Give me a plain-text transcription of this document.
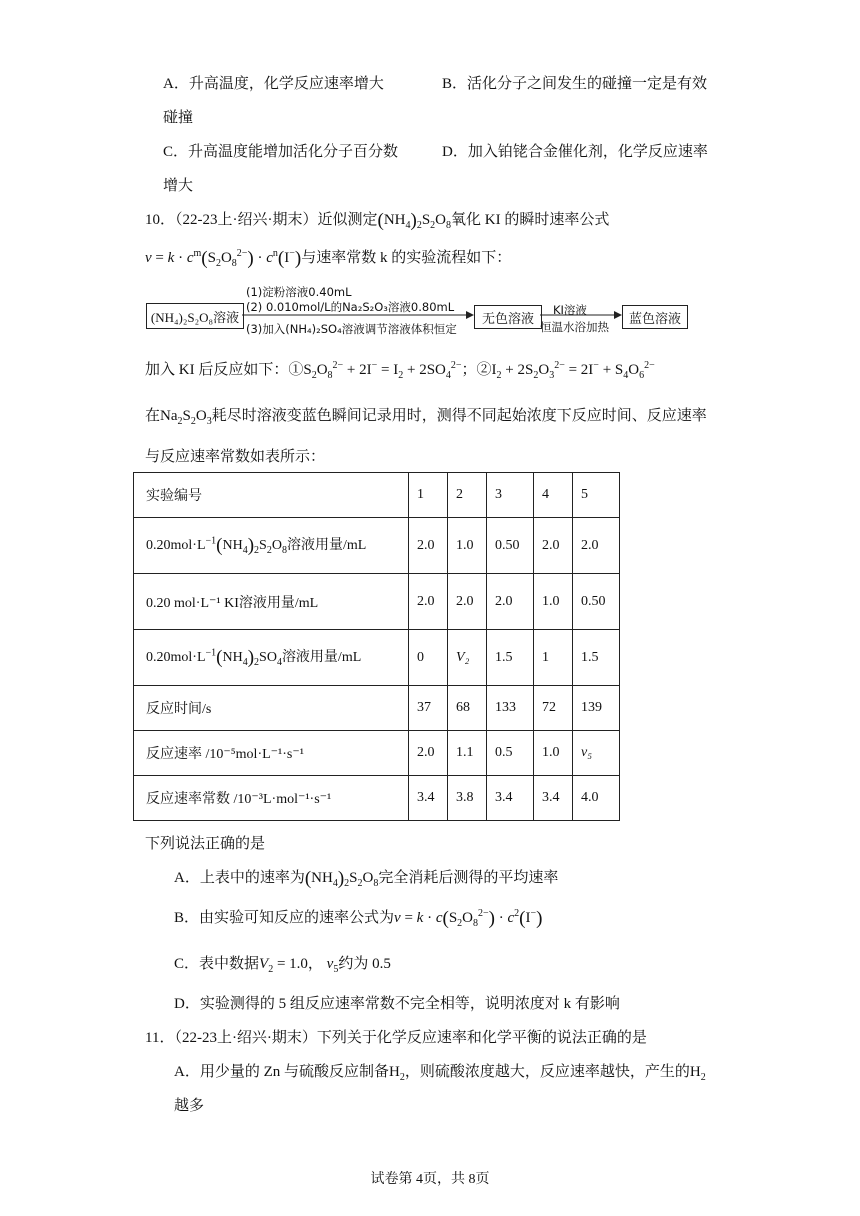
A．升高温度，化学反应速率增大	B．活化分子之间发生的碰撞一定是有效
碰撞
C．升高温度能增加活化分子百分数	D．加入铂铑合金催化剂，化学反应速率
增大
10．（22-23上·绍兴·期末）近似测定$(NH_4)_2S_2O_8$氧化 KI 的瞬时速率公式
$v = k \cdot c^m(S_2O_8^{2-}) \cdot c^n(I^-)$与速率常数 k 的实验流程如下：
(NH₄)₂S₂O₈溶液
(1)淀粉溶液0.40mL
(2) 0.010mol/L的Na₂S₂O₃溶液0.80mL
(3)加入(NH₄)₂SO₄溶液调节溶液体积恒定
无色溶液
KI溶液
恒温水浴加热
蓝色溶液
加入 KI 后反应如下：$①S_2O_8^{2-} + 2I^- = I_2 + 2SO_4^{2-}$；$②I_2 + 2S_2O_3^{2-} = 2I^- + S_4O_6^{2-}$
在$Na_2S_2O_3$耗尽时溶液变蓝色瞬间记录用时，测得不同起始浓度下反应时间、反应速率
与反应速率常数如表所示：
实验编号	1	2	3	4	5
$0.20mol\cdot L^{-1}(NH_4)_2S_2O_8$溶液用量/mL	2.0	1.0	0.50	2.0	2.0
0.20 mol·L⁻¹ KI溶液用量/mL	2.0	2.0	2.0	1.0	0.50
$0.20mol\cdot L^{-1}(NH_4)_2SO_4$溶液用量/mL	0	V₂	1.5	1	1.5
反应时间/s	37	68	133	72	139
反应速率 /10⁻⁵mol·L⁻¹·s⁻¹	2.0	1.1	0.5	1.0	v₅
反应速率常数 /10⁻³L·mol⁻¹·s⁻¹	3.4	3.8	3.4	3.4	4.0
下列说法正确的是
A．上表中的速率为$(NH_4)_2S_2O_8$完全消耗后测得的平均速率
B．由实验可知反应的速率公式为$v = k \cdot c(S_2O_8^{2-}) \cdot c^2(I^-)$
C．表中数据$V_2 = 1.0$， $v_5$约为 0.5
D．实验测得的 5 组反应速率常数不完全相等，说明浓度对 k 有影响
11．（22-23上·绍兴·期末）下列关于化学反应速率和化学平衡的说法正确的是
A．用少量的 Zn 与硫酸反应制备$H_2$，则硫酸浓度越大，反应速率越快，产生的$H_2$
越多
试卷第 4页，共 8页
